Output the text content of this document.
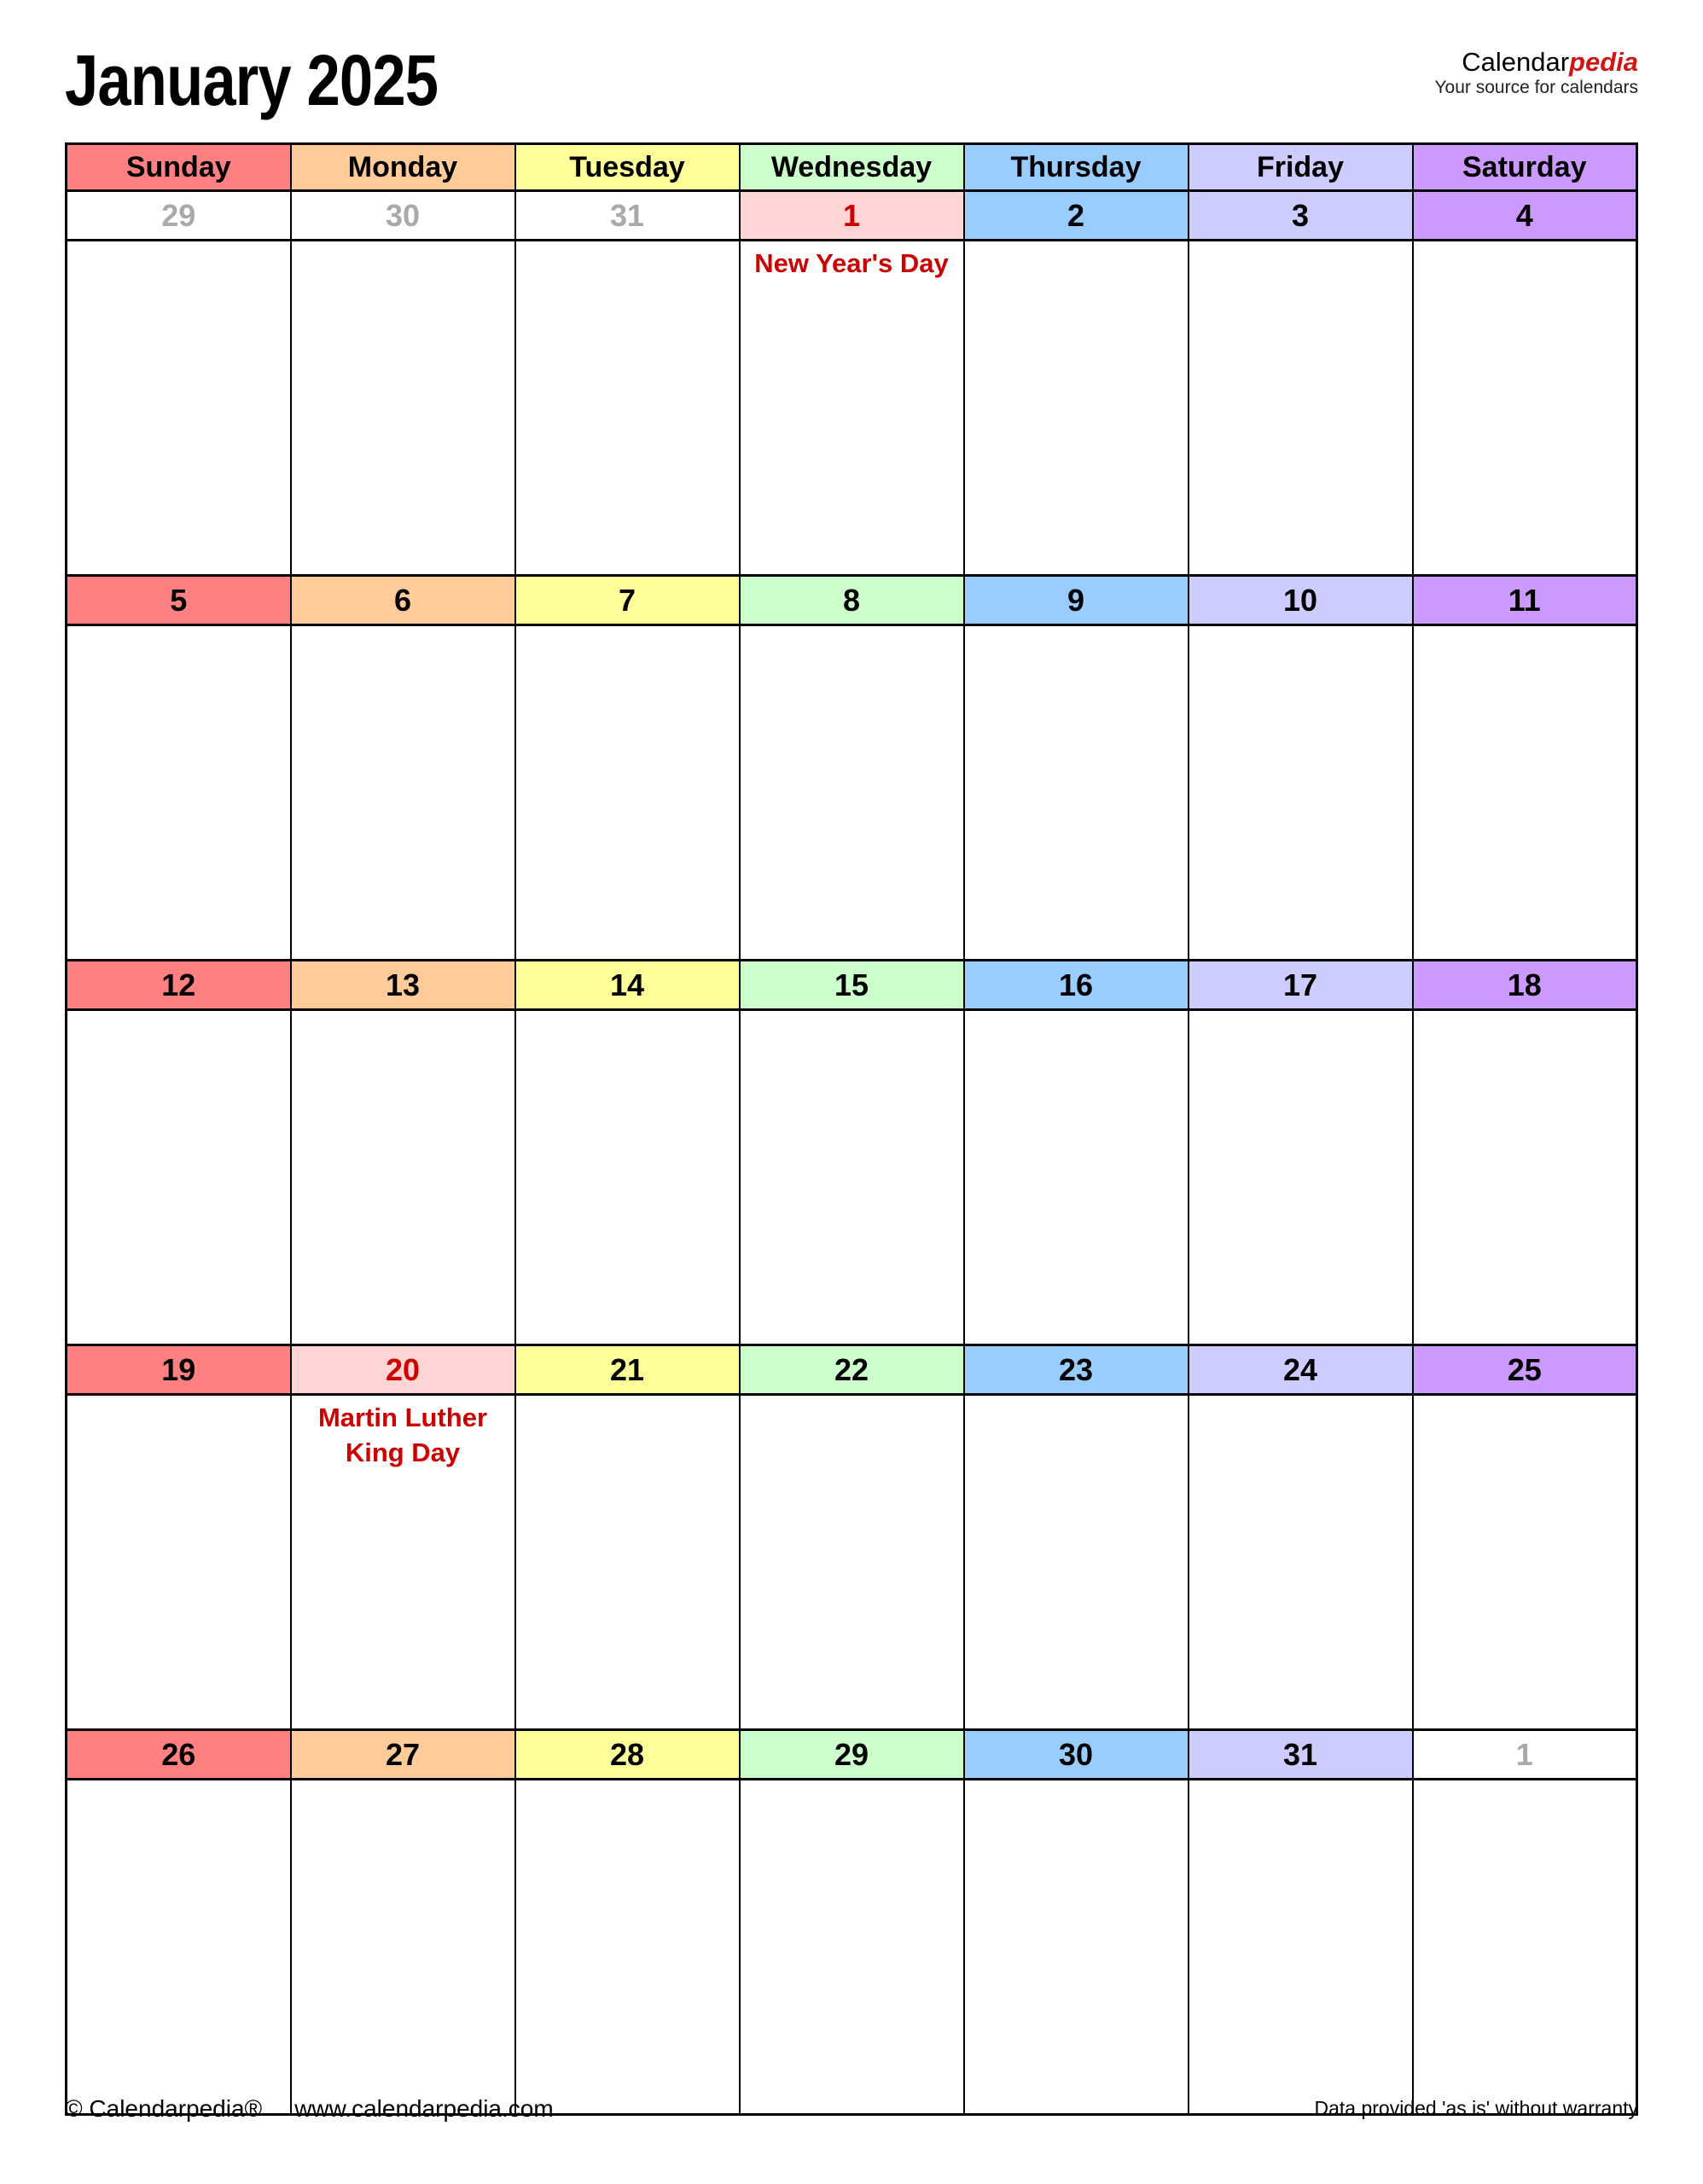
January 2025	Calendarpedia
Your source for calendars
Sunday	Monday	Tuesday	Wednesday	Thursday	Friday	Saturday
29	30	31	1	2	3	4

			New Year's Day			

5	6	7	8	9	10	11

12	13	14	15	16	17	18

19	20	21	22	23	24	25

	Martin Luther King Day					

26	27	28	29	30	31	1

© Calendarpedia® www.calendarpedia.com	Data provided 'as is' without warranty
